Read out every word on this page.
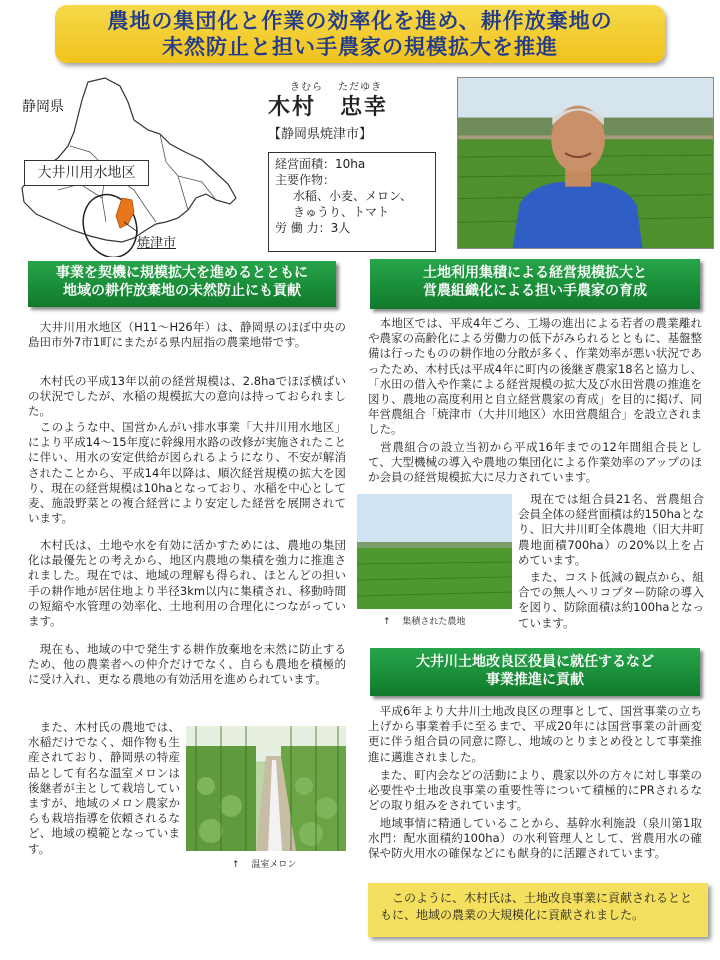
農地の集団化と作業の効率化を進め、耕作放棄地の
未然防止と担い手農家の規模拡大を推進
静岡県
大井川用水地区
焼津市
きむら　 ただゆき
木村　忠幸
【静岡県焼津市】
経営面積：10ha
主要作物：
水稲、小麦、メロン、
きゅうり、トマト
労 働 力：3人
事業を契機に規模拡大を進めるとともに
地域の耕作放棄地の未然防止にも貢献
土地利用集積による経営規模拡大と
営農組織化による担い手農家の育成
　大井川用水地区（H11～H26年）は、静岡県のほぼ中央の島田市外7市1町にまたがる県内屈指の農業地帯です。
　木村氏の平成13年以前の経営規模は、2.8haでほぼ横ばいの状況でしたが、水稲の規模拡大の意向は持っておられました。
　このような中、国営かんがい排水事業「大井川用水地区」により平成14～15年度に幹線用水路の改修が実施されたことに伴い、用水の安定供給が図られるようになり、不安が解消されたことから、平成14年以降は、順次経営規模の拡大を図り、現在の経営規模は10haとなっており、水稲を中心として麦、施設野菜との複合経営により安定した経営を展開されています。
　木村氏は、土地や水を有効に活かすためには、農地の集団化は最優先との考えから、地区内農地の集積を強力に推進されました。現在では、地域の理解も得られ、ほとんどの担い手の耕作地が居住地より半径3km以内に集積され、移動時間の短縮や水管理の効率化、土地利用の合理化につながっています。
　現在も、地域の中で発生する耕作放棄地を未然に防止するため、他の農業者への仲介だけでなく、自らも農地を積極的に受け入れ、更なる農地の有効活用を進められています。
　また、木村氏の農地では、水稲だけでなく、畑作物も生産されており、静岡県の特産品として有名な温室メロンは後継者が主として栽培していますが、地域のメロン農家からも栽培指導を依頼されるなど、地域の模範となっています。
↑　 温室メロン
　本地区では、平成4年ごろ、工場の進出による若者の農業離れや農家の高齢化による労働力の低下がみられるとともに、基盤整備は行ったものの耕作地の分散が多く、作業効率が悪い状況であったため、木村氏は平成4年に町内の後継ぎ農家18名と協力し、「水田の借入や作業による経営規模の拡大及び水田営農の推進を図り、農地の高度利用と自立経営農家の育成」を目的に掲げ、同年営農組合「焼津市（大井川地区）水田営農組合」を設立されました。
　営農組合の設立当初から平成16年までの12年間組合長として、大型機械の導入や農地の集団化による作業効率のアップのほか会員の経営規模拡大に尽力されています。
↑　 集積された農地
　現在では組合員21名、営農組合会員全体の経営面積は約150haとなり、旧大井川町全体農地（旧大井町農地面積700ha）の20%以上を占めています。
　また、コスト低減の観点から、組合での無人ヘリコプター防除の導入を図り、防除面積は約100haとなっています。
大井川土地改良区役員に就任するなど
事業推進に貢献
　平成6年より大井川土地改良区の理事として、国営事業の立ち上げから事業着手に至るまで、平成20年には国営事業の計画変更に伴う組合員の同意に際し、地域のとりまとめ役として事業推進に邁進されました。
　また、町内会などの活動により、農家以外の方々に対し事業の必要性や土地改良事業の重要性等について積極的にPRされるなどの取り組みをされています。
　地域事情に精通していることから、基幹水利施設（泉川第1取水門：配水面積約100ha）の水利管理人として、営農用水の確保や防火用水の確保などにも献身的に活躍されています。
　このように、木村氏は、土地改良事業に貢献されるとともに、地域の農業の大規模化に貢献されました。
